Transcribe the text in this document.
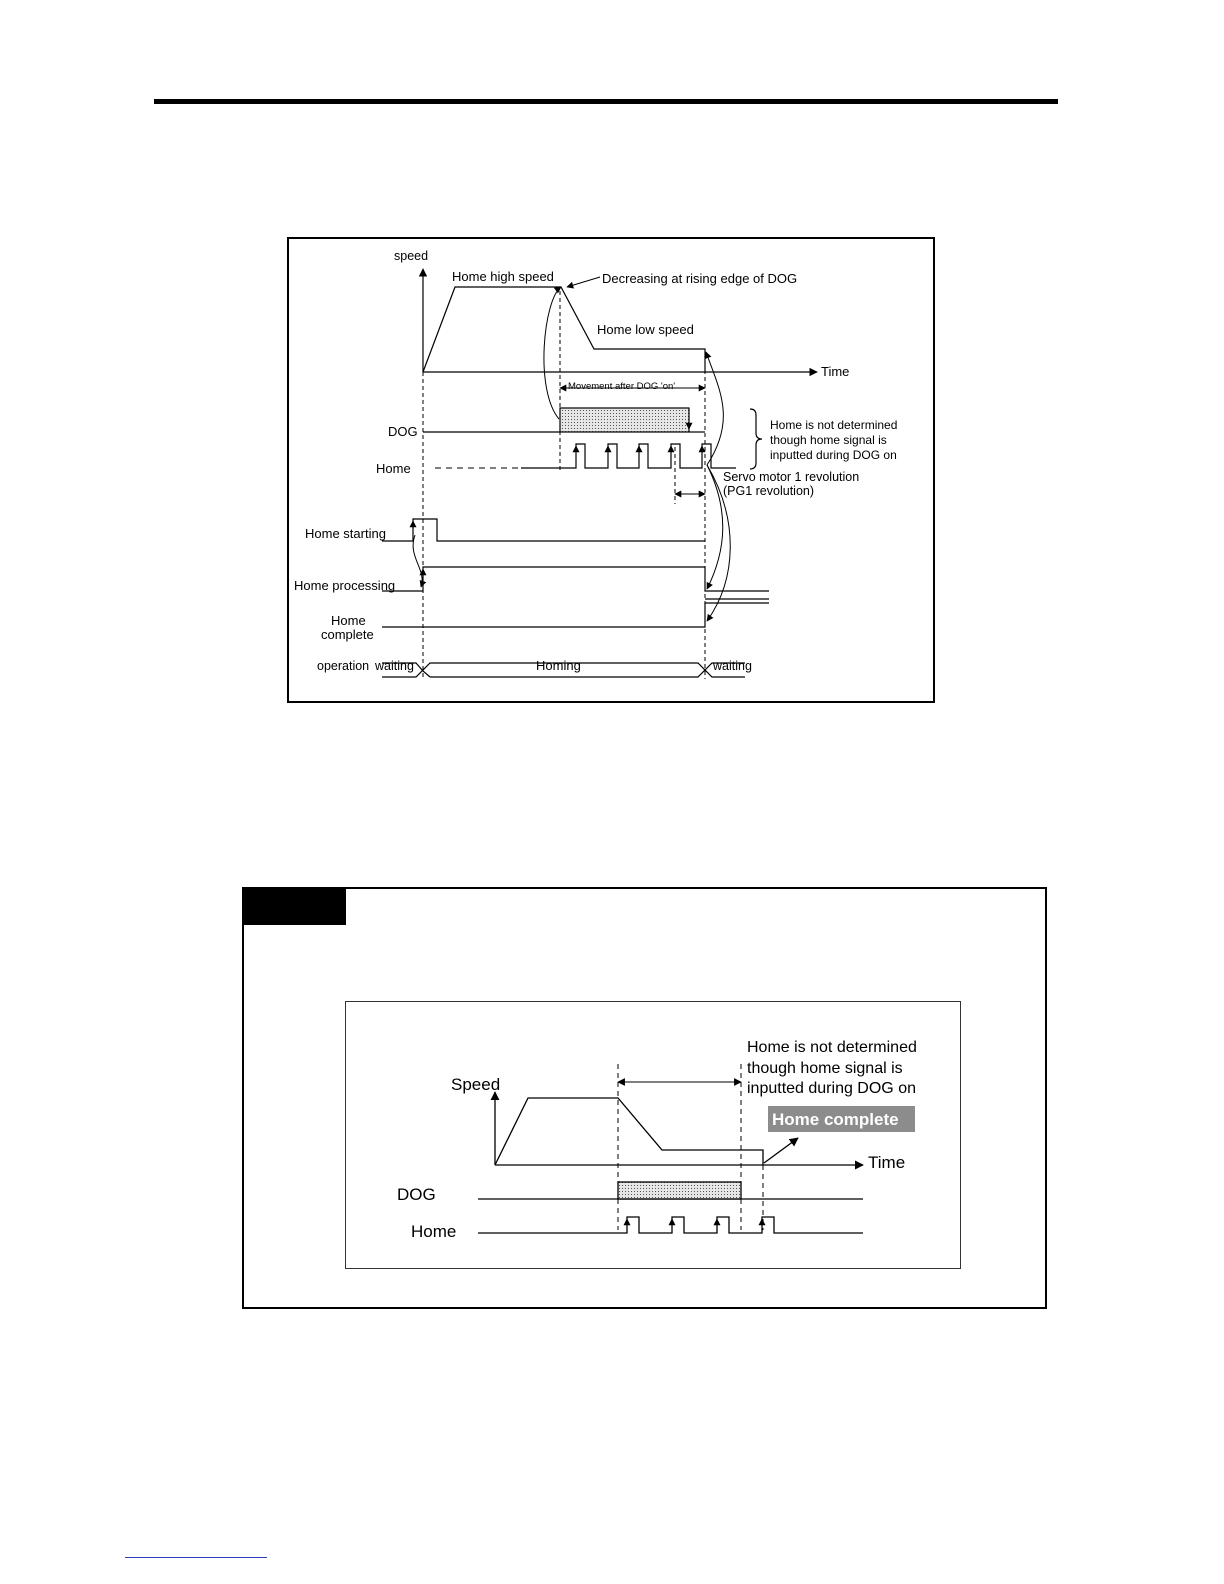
speed
Time
Home high speed	Decreasing at rising edge of DOG
Home low speed
Movement after DOG 'on'
DOG
Home
Home is not determined
though home signal is
inputted during DOG on
Servo motor 1 revolution
(PG1 revolution)
Home starting
Home processing
Home
complete
operation waiting	Homing	waiting
Speed
Time
Home is not determined
though home signal is
inputted during DOG on
Home complete
DOG
Home
